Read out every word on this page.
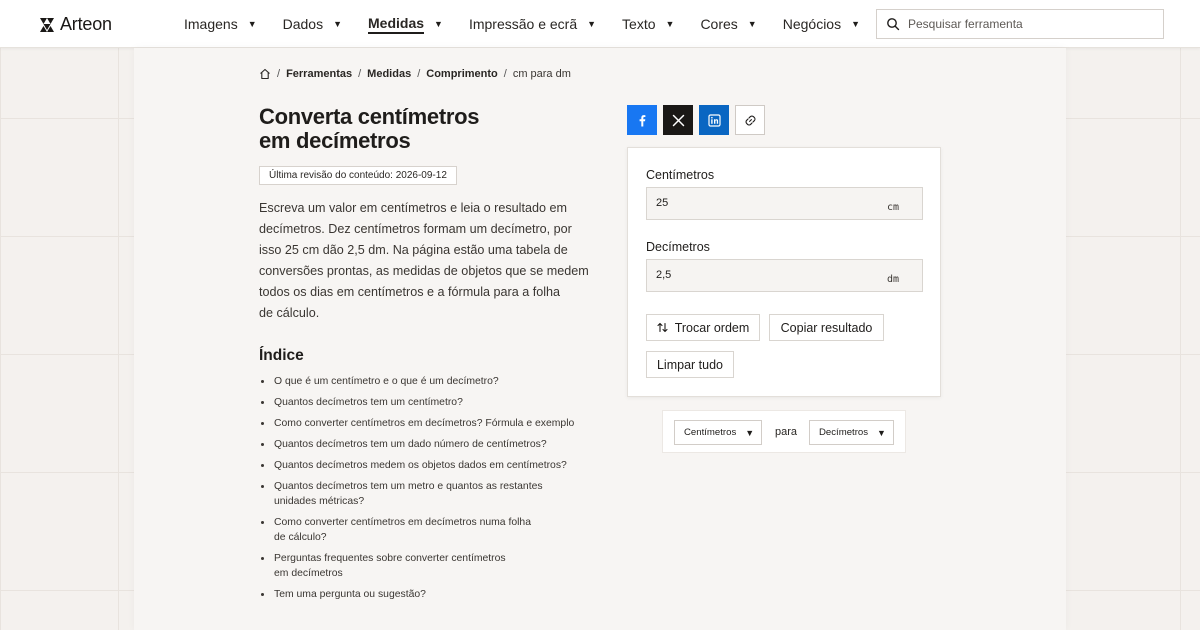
Arteon	Imagens ▼ Dados ▼ Medidas ▼ Impressão e ecrã ▼ Texto ▼ Cores ▼ Negócios ▼
Pesquisar ferramenta
/ Ferramentas / Medidas / Comprimento / cm para dm
Converta centímetros
em decímetros
Última revisão do conteúdo: 2026-09-12

Escreva um valor em centímetros e leia o resultado em
decímetros. Dez centímetros formam um decímetro, por
isso 25 cm dão 2,5 dm. Na página estão uma tabela de
conversões prontas, as medidas de objetos que se medem
todos os dias em centímetros e a fórmula para a folha
de cálculo.

Índice
O que é um centímetro e o que é um decímetro?
Quantos decímetros tem um centímetro?
Como converter centímetros em decímetros? Fórmula e exemplo
Quantos decímetros tem um dado número de centímetros?
Quantos decímetros medem os objetos dados em centímetros?
Quantos decímetros tem um metro e quantos as restantes
unidades métricas?
Como converter centímetros em decímetros numa folha
de cálculo?
Perguntas frequentes sobre converter centímetros
em decímetros
Tem uma pergunta ou sugestão?
Centímetros
25
cm
Decímetros
2,5
dm
Trocar ordem	Copiar resultado
Limpar tudo
Centímetros ▼ para Decímetros ▼
